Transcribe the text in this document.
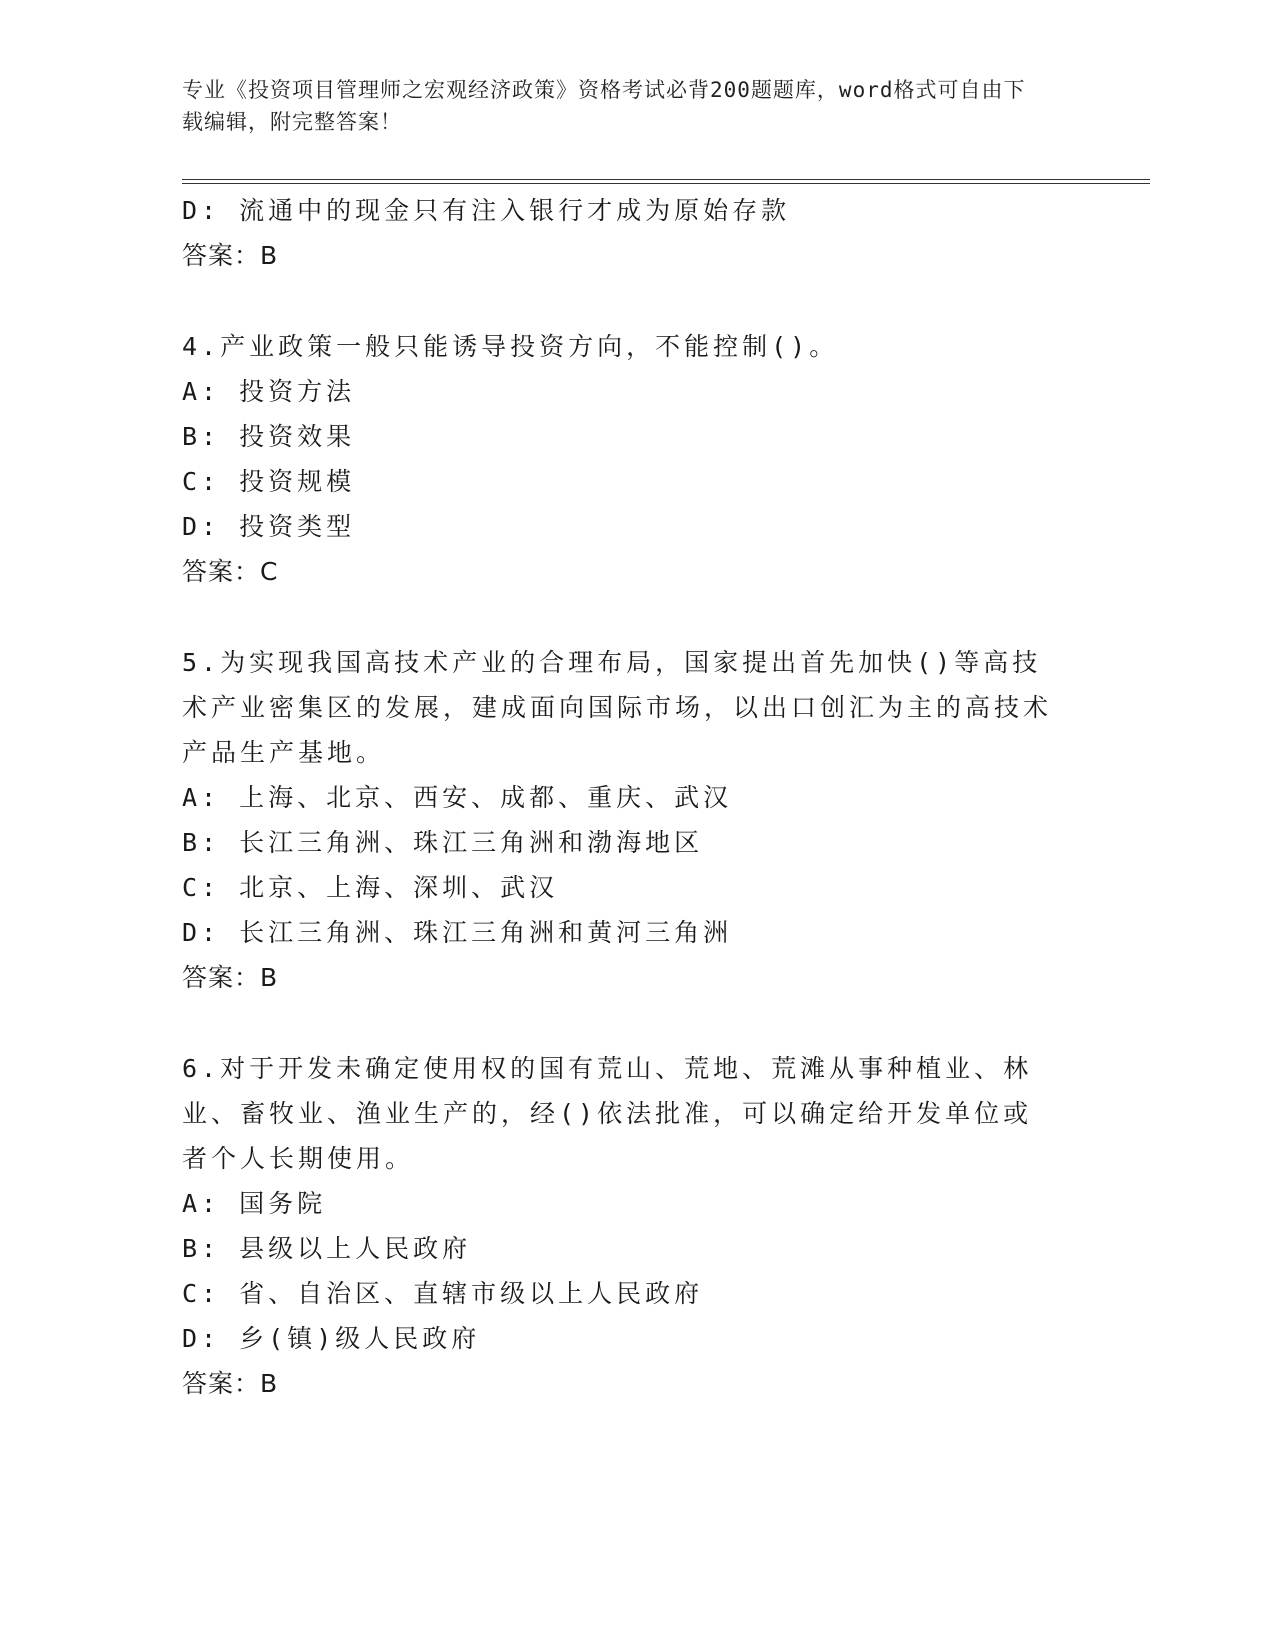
专业《投资项目管理师之宏观经济政策》资格考试必背200题题库，word格式可自由下载编辑，附完整答案！
D: 流通中的现金只有注入银行才成为原始存款
答案：B
4.产业政策一般只能诱导投资方向，不能控制()。
A: 投资方法
B: 投资效果
C: 投资规模
D: 投资类型
答案：C
5.为实现我国高技术产业的合理布局，国家提出首先加快()等高技术产业密集区的发展，建成面向国际市场，以出口创汇为主的高技术产品生产基地。
A: 上海、北京、西安、成都、重庆、武汉
B: 长江三角洲、珠江三角洲和渤海地区
C: 北京、上海、深圳、武汉
D: 长江三角洲、珠江三角洲和黄河三角洲
答案：B
6.对于开发未确定使用权的国有荒山、荒地、荒滩从事种植业、林业、畜牧业、渔业生产的，经()依法批准，可以确定给开发单位或者个人长期使用。
A: 国务院
B: 县级以上人民政府
C: 省、自治区、直辖市级以上人民政府
D: 乡(镇)级人民政府
答案：B
